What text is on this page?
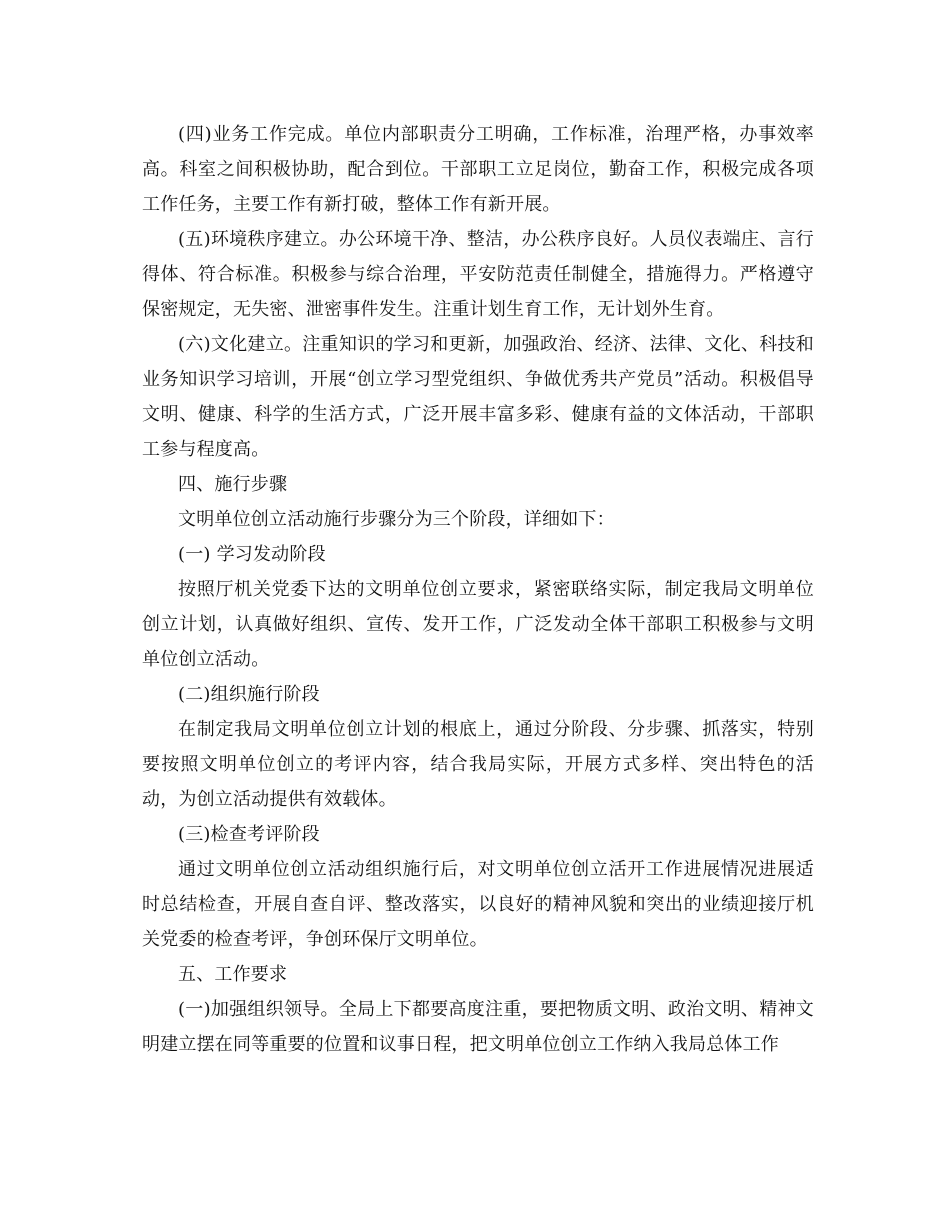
(四)业务工作完成。单位内部职责分工明确，工作标准，治理严格，办事效率高。科室之间积极协助，配合到位。干部职工立足岗位，勤奋工作，积极完成各项工作任务，主要工作有新打破，整体工作有新开展。

(五)环境秩序建立。办公环境干净、整洁，办公秩序良好。人员仪表端庄、言行得体、符合标准。积极参与综合治理，平安防范责任制健全，措施得力。严格遵守保密规定，无失密、泄密事件发生。注重计划生育工作，无计划外生育。

(六)文化建立。注重知识的学习和更新，加强政治、经济、法律、文化、科技和业务知识学习培训，开展“创立学习型党组织、争做优秀共产党员”活动。积极倡导文明、健康、科学的生活方式，广泛开展丰富多彩、健康有益的文体活动，干部职工参与程度高。

四、施行步骤

文明单位创立活动施行步骤分为三个阶段，详细如下：

(一) 学习发动阶段

按照厅机关党委下达的文明单位创立要求，紧密联络实际，制定我局文明单位创立计划，认真做好组织、宣传、发开工作，广泛发动全体干部职工积极参与文明单位创立活动。

(二)组织施行阶段

在制定我局文明单位创立计划的根底上，通过分阶段、分步骤、抓落实，特别要按照文明单位创立的考评内容，结合我局实际，开展方式多样、突出特色的活动，为创立活动提供有效载体。

(三)检查考评阶段

通过文明单位创立活动组织施行后，对文明单位创立活开工作进展情况进展适时总结检查，开展自查自评、整改落实，以良好的精神风貌和突出的业绩迎接厅机关党委的检查考评，争创环保厅文明单位。

五、工作要求

(一)加强组织领导。全局上下都要高度注重，要把物质文明、政治文明、精神文明建立摆在同等重要的位置和议事日程，把文明单位创立工作纳入我局总体工作
